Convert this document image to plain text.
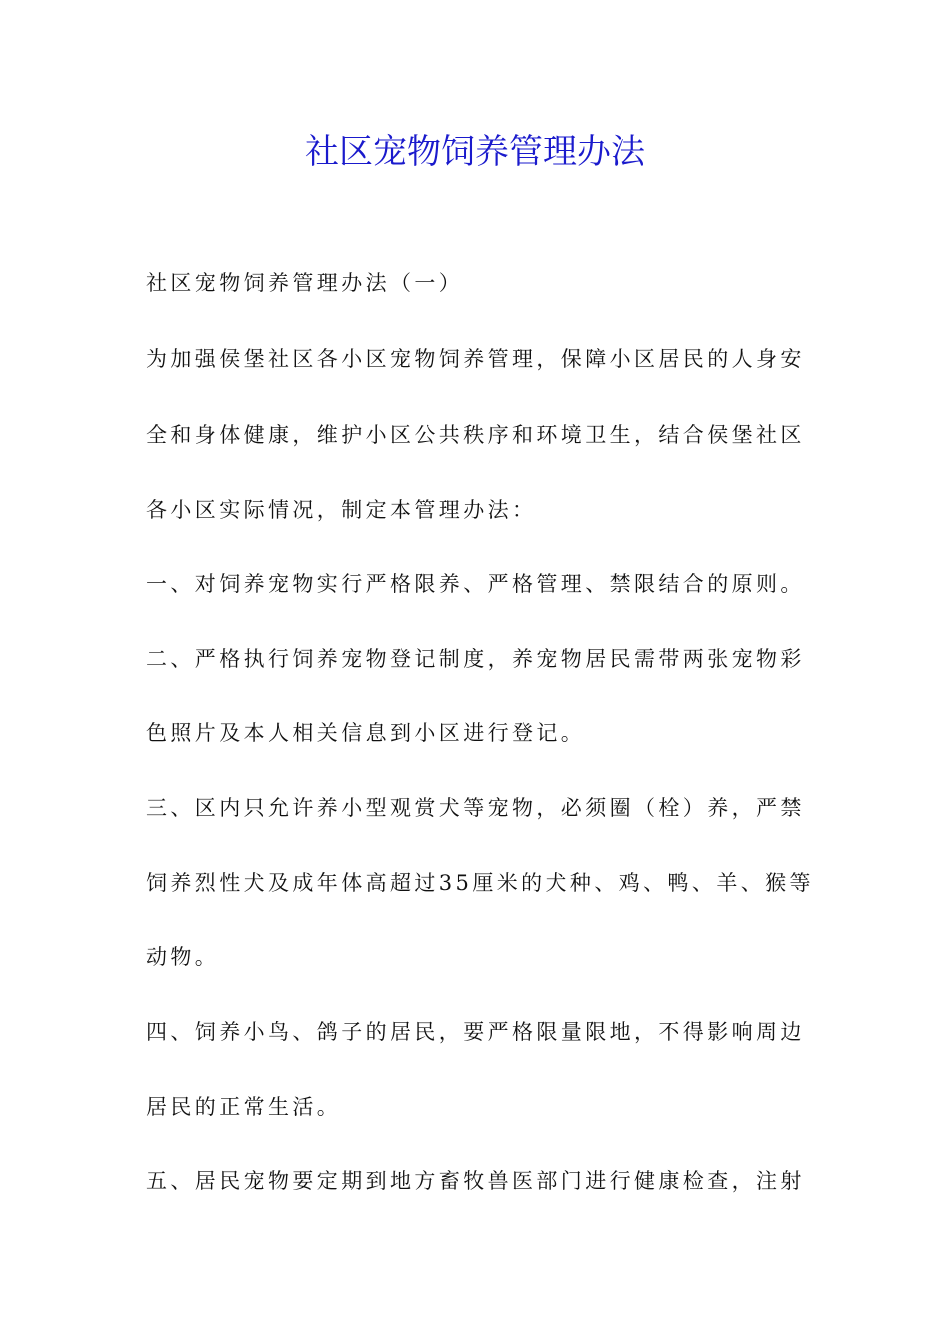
社区宠物饲养管理办法
社区宠物饲养管理办法（一）
为加强侯堡社区各小区宠物饲养管理，保障小区居民的人身安
全和身体健康，维护小区公共秩序和环境卫生，结合侯堡社区
各小区实际情况，制定本管理办法：
一、对饲养宠物实行严格限养、严格管理、禁限结合的原则。
二、严格执行饲养宠物登记制度，养宠物居民需带两张宠物彩
色照片及本人相关信息到小区进行登记。
三、区内只允许养小型观赏犬等宠物，必须圈（栓）养，严禁
饲养烈性犬及成年体高超过35厘米的犬种、鸡、鸭、羊、猴等
动物。
四、饲养小鸟、鸽子的居民，要严格限量限地，不得影响周边
居民的正常生活。
五、居民宠物要定期到地方畜牧兽医部门进行健康检查，注射
